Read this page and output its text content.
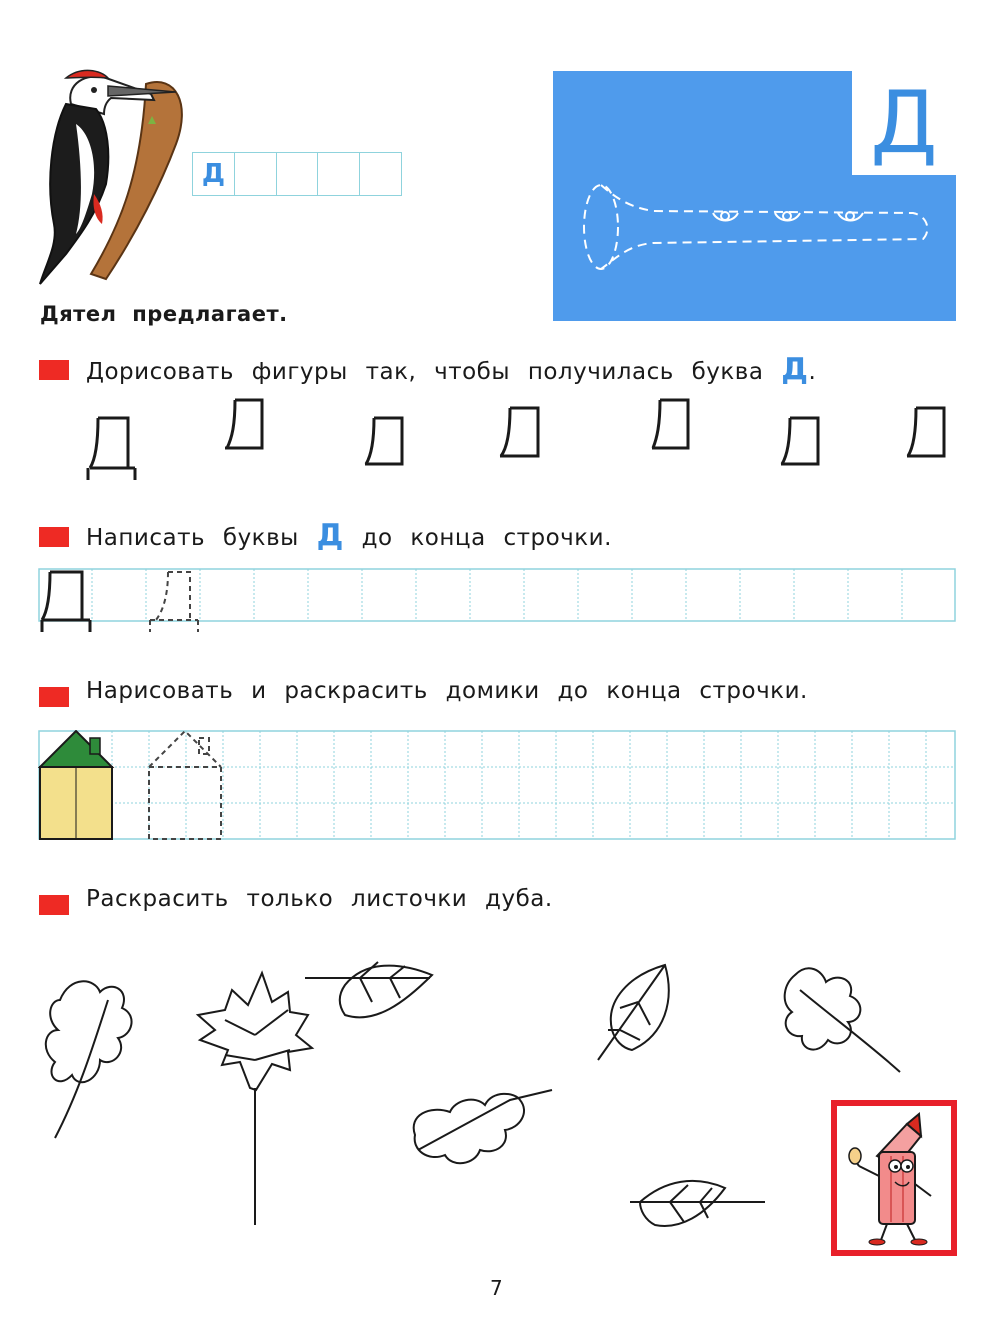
Д
Дятел предлагает.
Д
Дорисовать фигуры так, чтобы получилась буква Д.
Написать буквы Д до конца строчки.
Нарисовать и раскрасить домики до конца строчки.
Раскрасить только листочки дуба.
7
